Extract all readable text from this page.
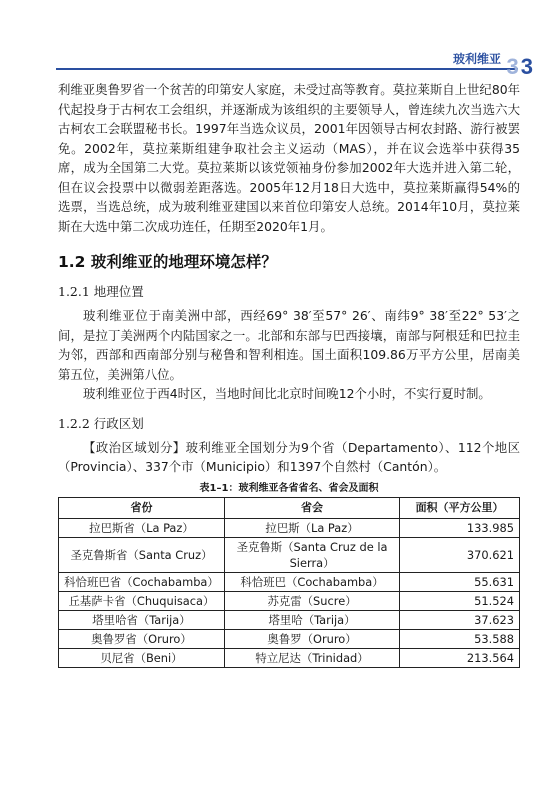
玻利维亚 3 3

利维亚奥鲁罗省一个贫苦的印第安人家庭，未受过高等教育。莫拉莱斯自上世纪80年代起投身于古柯农工会组织，并逐渐成为该组织的主要领导人，曾连续九次当选六大古柯农工会联盟秘书长。1997年当选众议员，2001年因领导古柯农封路、游行被罢免。2002年，莫拉莱斯组建争取社会主义运动（MAS），并在议会选举中获得35席，成为全国第二大党。莫拉莱斯以该党领袖身份参加2002年大选并进入第二轮，但在议会投票中以微弱差距落选。2005年12月18日大选中，莫拉莱斯赢得54%的选票，当选总统，成为玻利维亚建国以来首位印第安人总统。2014年10月，莫拉莱斯在大选中第二次成功连任，任期至2020年1月。

1.2 玻利维亚的地理环境怎样？
1.2.1 地理位置

玻利维亚位于南美洲中部，西经69° 38′至57° 26′、南纬9° 38′至22° 53′之间，是拉丁美洲两个内陆国家之一。北部和东部与巴西接壤，南部与阿根廷和巴拉圭为邻，西部和西南部分别与秘鲁和智利相连。国土面积109.86万平方公里，居南美第五位，美洲第八位。

玻利维亚位于西4时区，当地时间比北京时间晚12个小时，不实行夏时制。

1.2.2 行政区划

【政治区域划分】玻利维亚全国划分为9个省（Departamento）、112个地区（Provincia）、337个市（Municipio）和1397个自然村（Cantón）。

表1–1：玻利维亚各省省名、省会及面积
省份	省会	面积（平方公里）
拉巴斯省（La Paz）	拉巴斯（La Paz）	133.985
圣克鲁斯省（Santa Cruz）	圣克鲁斯（Santa Cruz de la Sierra）	370.621
科恰班巴省（Cochabamba）	科恰班巴（Cochabamba）	55.631
丘基萨卡省（Chuquisaca）	苏克雷（Sucre）	51.524
塔里哈省（Tarija）	塔里哈（Tarija）	37.623
奥鲁罗省（Oruro）	奥鲁罗（Oruro）	53.588
贝尼省（Beni）	特立尼达（Trinidad）	213.564
